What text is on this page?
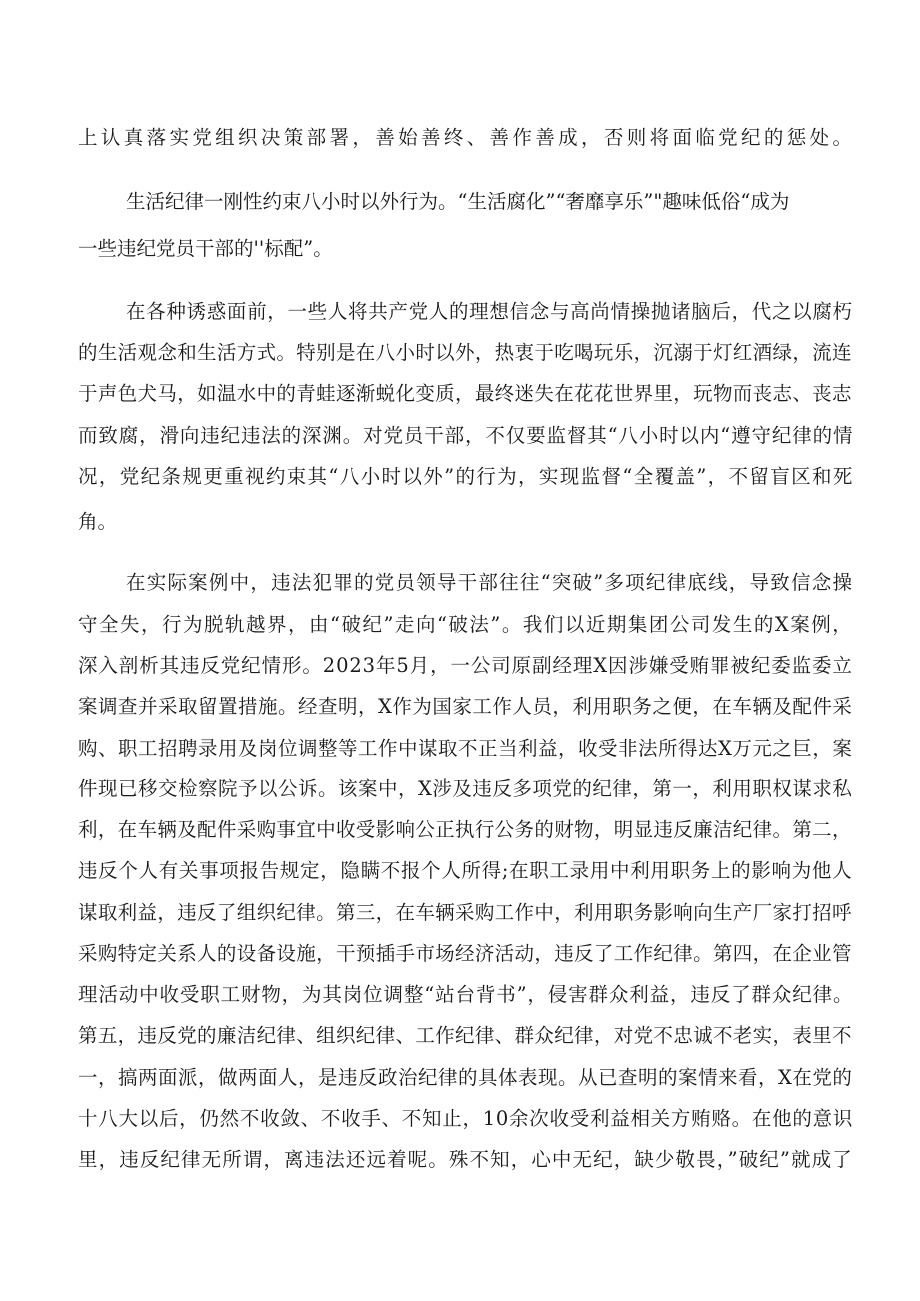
上认真落实党组织决策部署，善始善终、善作善成，否则将面临党纪的惩处。
生活纪律一刚性约束八小时以外行为。“生活腐化”“奢靡享乐”"趣味低俗“成为
一些违纪党员干部的''标配”。
在各种诱惑面前，一些人将共产党人的理想信念与高尚情操抛诸脑后，代之以腐朽
的生活观念和生活方式。特别是在八小时以外，热衷于吃喝玩乐，沉溺于灯红酒绿，流连
于声色犬马，如温水中的青蛙逐渐蜕化变质，最终迷失在花花世界里，玩物而丧志、丧志
而致腐，滑向违纪违法的深渊。对党员干部，不仅要监督其“八小时以内“遵守纪律的情
况，党纪条规更重视约束其“八小时以外”的行为，实现监督“全覆盖”，不留盲区和死
角。
在实际案例中，违法犯罪的党员领导干部往往“突破”多项纪律底线，导致信念操
守全失，行为脱轨越界，由“破纪”走向“破法”。我们以近期集团公司发生的X案例，
深入剖析其违反党纪情形。2023年5月，一公司原副经理X因涉嫌受贿罪被纪委监委立
案调查并采取留置措施。经查明，X作为国家工作人员，利用职务之便，在车辆及配件采
购、职工招聘录用及岗位调整等工作中谋取不正当利益，收受非法所得达X万元之巨，案
件现已移交检察院予以公诉。该案中，X涉及违反多项党的纪律，第一，利用职权谋求私
利，在车辆及配件采购事宜中收受影响公正执行公务的财物，明显违反廉洁纪律。第二，
违反个人有关事项报告规定，隐瞒不报个人所得;在职工录用中利用职务上的影响为他人
谋取利益，违反了组织纪律。第三，在车辆采购工作中，利用职务影响向生产厂家打招呼
采购特定关系人的设备设施，干预插手市场经济活动，违反了工作纪律。第四，在企业管
理活动中收受职工财物，为其岗位调整“站台背书”，侵害群众利益，违反了群众纪律。
第五，违反党的廉洁纪律、组织纪律、工作纪律、群众纪律，对党不忠诚不老实，表里不
一，搞两面派，做两面人，是违反政治纪律的具体表现。从已查明的案情来看，X在党的
十八大以后，仍然不收敛、不收手、不知止，10余次收受利益相关方贿赂。在他的意识
里，违反纪律无所谓，离违法还远着呢。殊不知，心中无纪，缺少敬畏，”破纪”就成了
